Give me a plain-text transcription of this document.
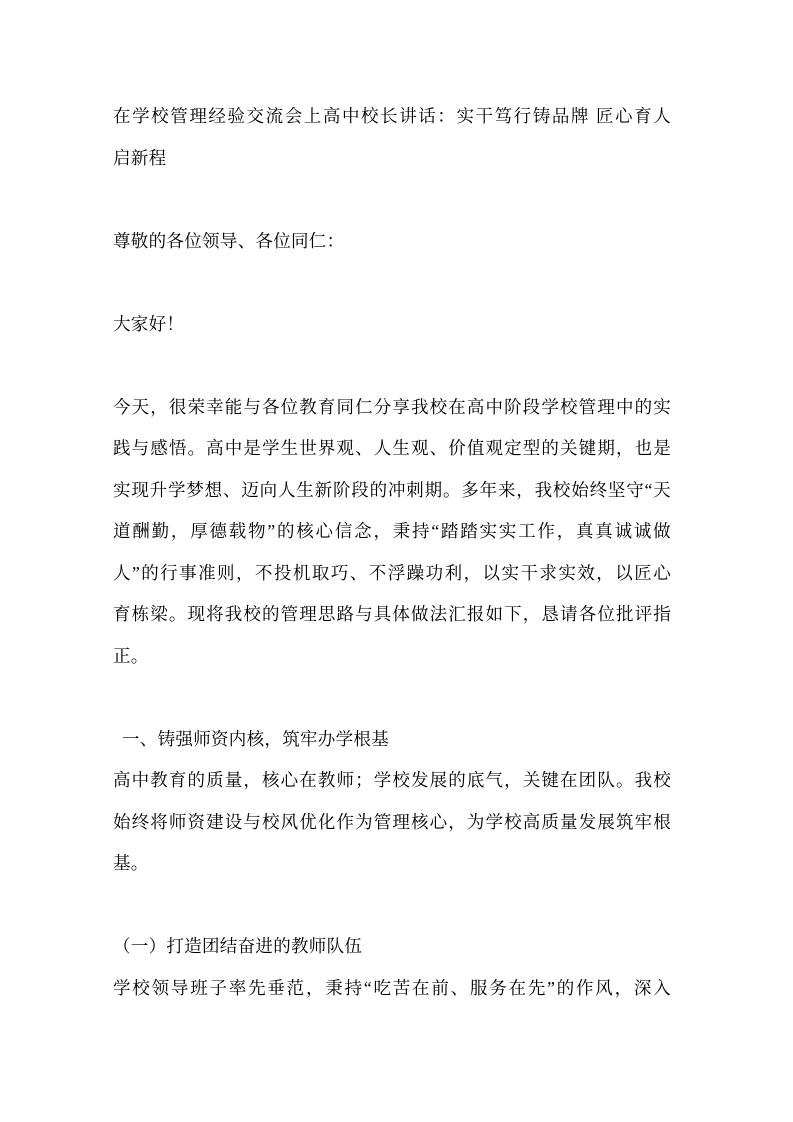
在学校管理经验交流会上高中校长讲话：实干笃行铸品牌 匠心育人

启新程

尊敬的各位领导、各位同仁：

大家好！

今天，很荣幸能与各位教育同仁分享我校在高中阶段学校管理中的实

践与感悟。高中是学生世界观、人生观、价值观定型的关键期，也是

实现升学梦想、迈向人生新阶段的冲刺期。多年来，我校始终坚守“天

道酬勤，厚德载物”的核心信念，秉持“踏踏实实工作，真真诚诚做

人”的行事准则，不投机取巧、不浮躁功利，以实干求实效，以匠心

育栋梁。现将我校的管理思路与具体做法汇报如下，恳请各位批评指

正。

一、铸强师资内核，筑牢办学根基

高中教育的质量，核心在教师；学校发展的底气，关键在团队。我校

始终将师资建设与校风优化作为管理核心，为学校高质量发展筑牢根

基。

（一）打造团结奋进的教师队伍

学校领导班子率先垂范，秉持“吃苦在前、服务在先”的作风，深入
